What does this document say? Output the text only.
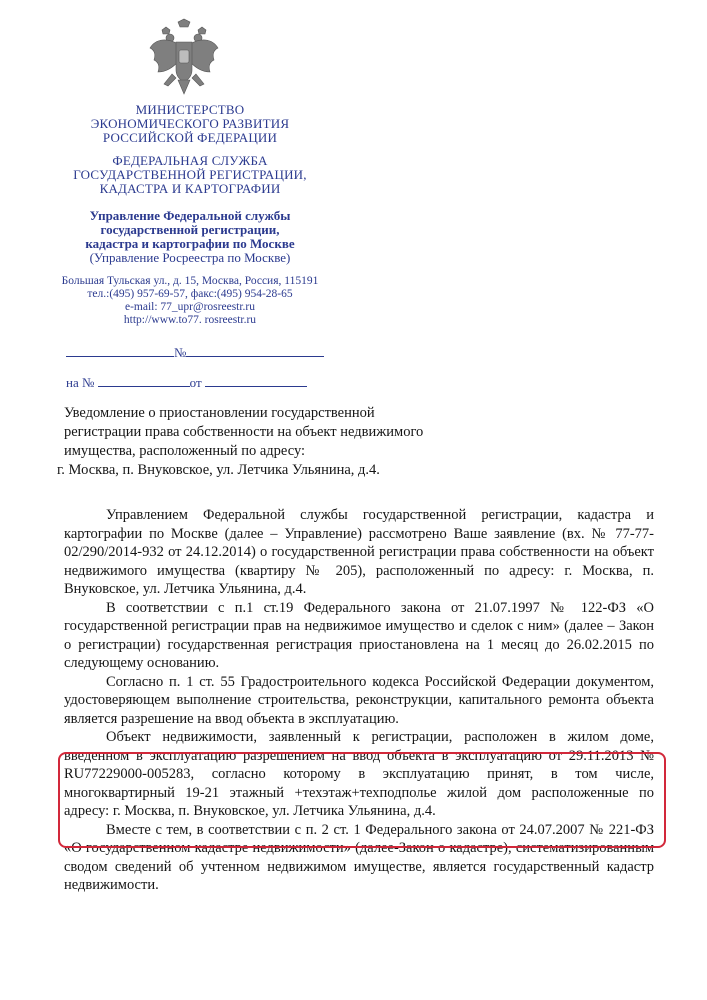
МИНИСТЕРСТВО
ЭКОНОМИЧЕСКОГО РАЗВИТИЯ
РОССИЙСКОЙ ФЕДЕРАЦИИ
ФЕДЕРАЛЬНАЯ СЛУЖБА
ГОСУДАРСТВЕННОЙ РЕГИСТРАЦИИ,
КАДАСТРА И КАРТОГРАФИИ
Управление Федеральной службы
государственной регистрации,
кадастра и картографии по Москве
(Управление Росреестра по Москве)
Большая Тульская ул., д. 15, Москва, Россия, 115191
тел.:(495) 957-69-57, факс:(495) 954-28-65
e-mail: 77_upr@rosreestr.ru
http://www.to77. rosreestr.ru
№
на №	от
Уведомление о приостановлении государственной
регистрации права собственности на объект недвижимого
имущества, расположенный по адресу:
г. Москва, п. Внуковское, ул. Летчика Ульянина, д.4.

Управлением Федеральной службы государственной регистрации, кадастра и картографии по Москве (далее – Управление) рассмотрено Ваше заявление (вх. № 77-77-02/290/2014-932 от 24.12.2014) о государственной регистрации права собственности на объект недвижимого имущества (квартиру № 205), расположенный по адресу: г. Москва, п. Внуковское, ул. Летчика Ульянина, д.4.

В соответствии с п.1 ст.19 Федерального закона от 21.07.1997 № 122-ФЗ «О государственной регистрации прав на недвижимое имущество и сделок с ним» (далее – Закон о регистрации) государственная регистрация приостановлена на 1 месяц до 26.02.2015 по следующему основанию.

Согласно п. 1 ст. 55 Градостроительного кодекса Российской Федерации документом, удостоверяющем выполнение строительства, реконструкции, капитального ремонта объекта является разрешение на ввод объекта в эксплуатацию.

Объект недвижимости, заявленный к регистрации, расположен в жилом доме, введенном в эксплуатацию разрешением на ввод объекта в эксплуатацию от 29.11.2013 № RU77229000-005283, согласно которому в эксплуатацию принят, в том числе, многоквартирный 19-21 этажный +техэтаж+техподполье жилой дом расположенные по адресу: г. Москва, п. Внуковское, ул. Летчика Ульянина, д.4.

Вместе с тем, в соответствии с п. 2 ст. 1 Федерального закона от 24.07.2007 № 221-ФЗ «О государственном кадастре недвижимости» (далее-Закон о кадастре), систематизированным сводом сведений об учтенном недвижимом имуществе, является государственный кадастр недвижимости.
